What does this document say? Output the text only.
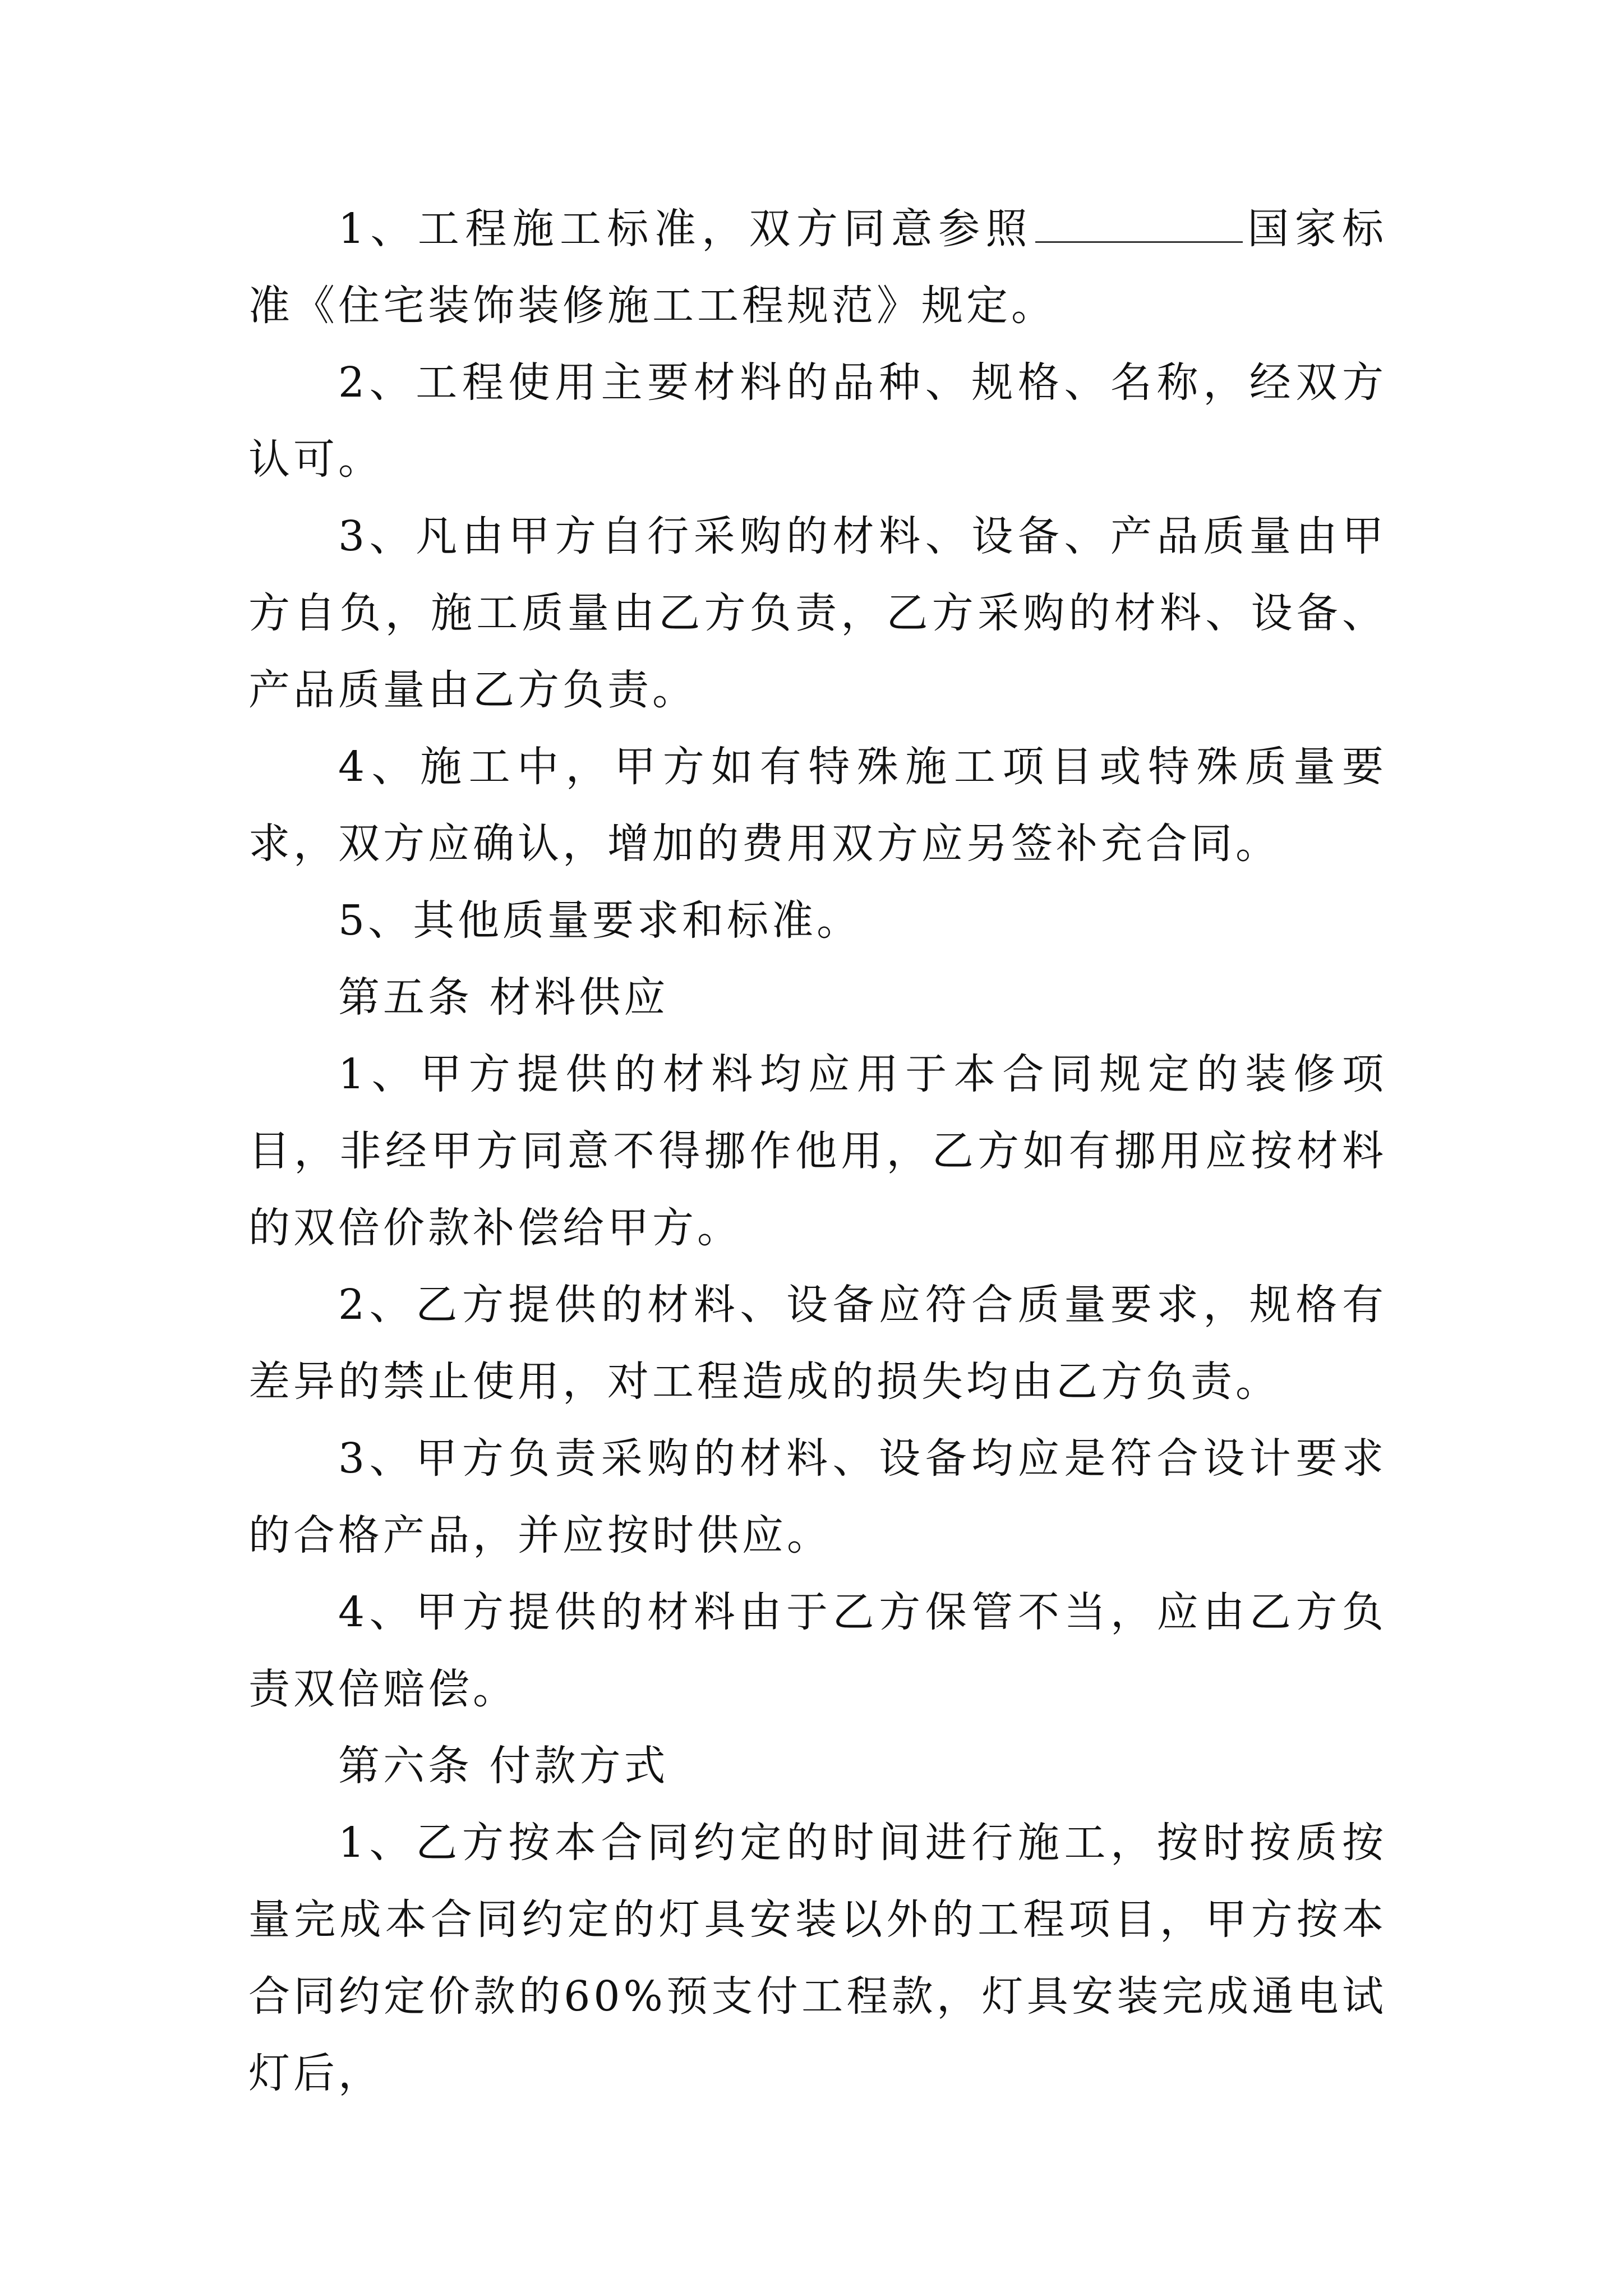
1、工程施工标准，双方同意参照	国家标准《住宅装饰装修施工工程规范》规定。

2、工程使用主要材料的品种、规格、名称，经双方认可。

3、凡由甲方自行采购的材料、设备、产品质量由甲方自负，施工质量由乙方负责，乙方采购的材料、设备、产品质量由乙方负责。

4、施工中，甲方如有特殊施工项目或特殊质量要求，双方应确认，增加的费用双方应另签补充合同。

5、其他质量要求和标准。

第五条 材料供应

1、甲方提供的材料均应用于本合同规定的装修项目，非经甲方同意不得挪作他用，乙方如有挪用应按材料的双倍价款补偿给甲方。

2、乙方提供的材料、设备应符合质量要求，规格有差异的禁止使用，对工程造成的损失均由乙方负责。

3、甲方负责采购的材料、设备均应是符合设计要求的合格产品，并应按时供应。

4、甲方提供的材料由于乙方保管不当，应由乙方负责双倍赔偿。

第六条 付款方式

1、乙方按本合同约定的时间进行施工，按时按质按量完成本合同约定的灯具安装以外的工程项目，甲方按本合同约定价款的60%预支付工程款，灯具安装完成通电试灯后，
